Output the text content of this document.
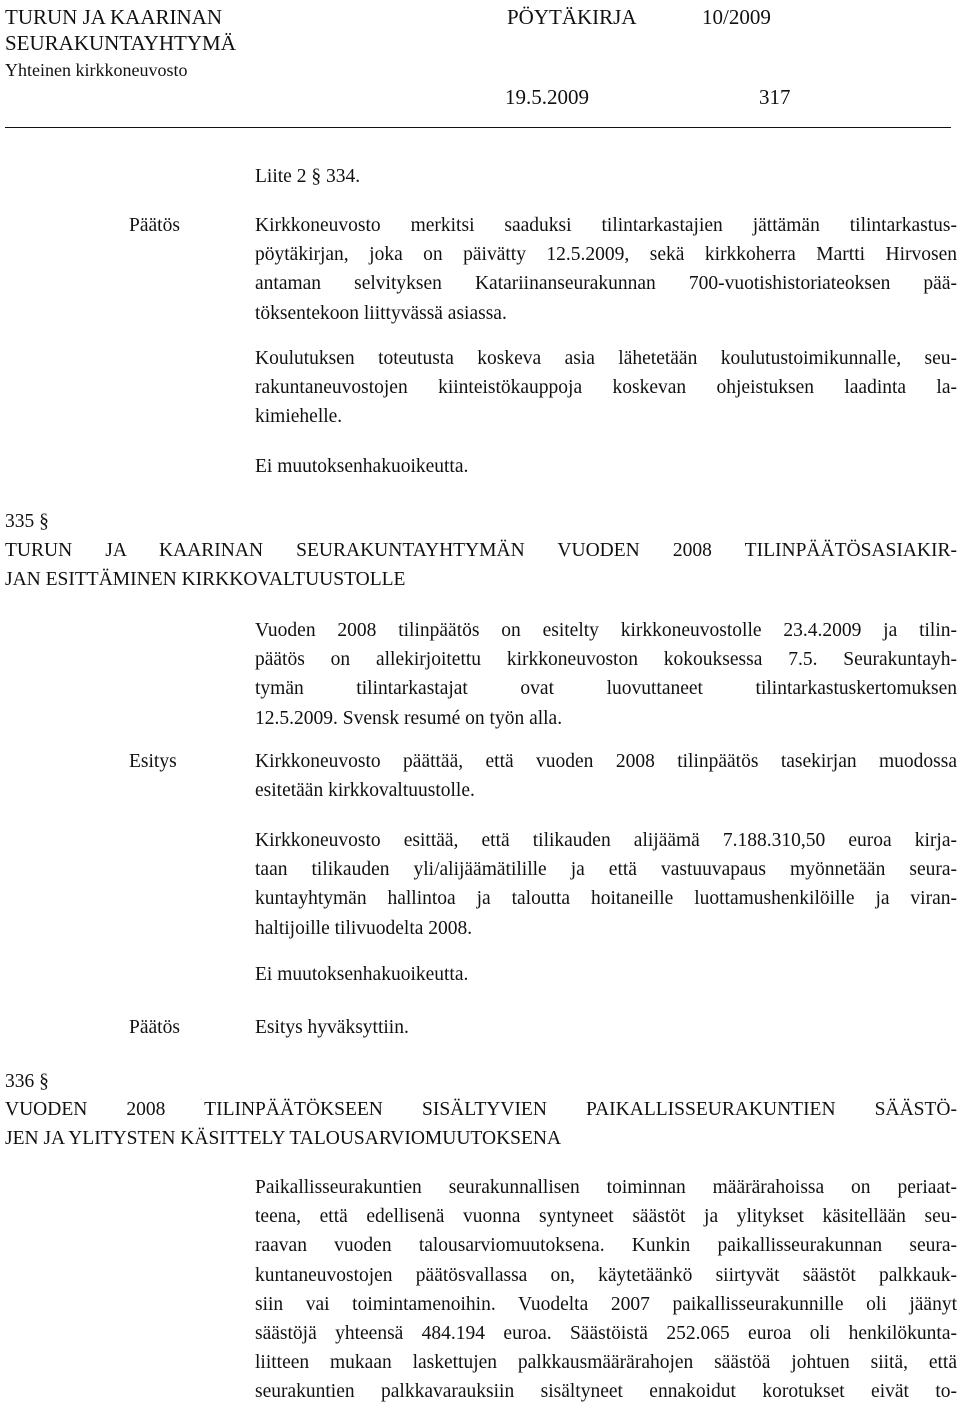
TURUN JA KAARINAN
SEURAKUNTAYHTYMÄ
Yhteinen kirkkoneuvosto
PÖYTÄKIRJA	10/2009
19.5.2009	317
Liite 2 § 334.
Päätös	Kirkkoneuvosto merkitsi saaduksi tilintarkastajien jättämän tilintarkastus-
pöytäkirjan, joka on päivätty 12.5.2009, sekä kirkkoherra Martti Hirvosen
antaman selvityksen Katariinanseurakunnan 700-vuotishistoriateoksen pää-
töksentekoon liittyvässä asiassa.
Koulutuksen toteutusta koskeva asia lähetetään koulutustoimikunnalle, seu-
rakuntaneuvostojen kiinteistökauppoja koskevan ohjeistuksen laadinta la-
kimiehelle.
Ei muutoksenhakuoikeutta.
335 §
TURUN JA KAARINAN SEURAKUNTAYHTYMÄN VUODEN 2008 TILINPÄÄTÖSASIAKIR-
JAN ESITTÄMINEN KIRKKOVALTUUSTOLLE
Vuoden 2008 tilinpäätös on esitelty kirkkoneuvostolle 23.4.2009 ja tilin-
päätös on allekirjoitettu kirkkoneuvoston kokouksessa 7.5. Seurakuntayh-
tymän tilintarkastajat ovat luovuttaneet tilintarkastuskertomuksen
12.5.2009. Svensk resumé on työn alla.
Esitys	Kirkkoneuvosto päättää, että vuoden 2008 tilinpäätös tasekirjan muodossa
esitetään kirkkovaltuustolle.
Kirkkoneuvosto esittää, että tilikauden alijäämä 7.188.310,50 euroa kirja-
taan tilikauden yli/alijäämätilille ja että vastuuvapaus myönnetään seura-
kuntayhtymän hallintoa ja taloutta hoitaneille luottamushenkilöille ja viran-
haltijoille tilivuodelta 2008.
Ei muutoksenhakuoikeutta.
Päätös	Esitys hyväksyttiin.
336 §
VUODEN 2008 TILINPÄÄTÖKSEEN SISÄLTYVIEN PAIKALLISSEURAKUNTIEN SÄÄSTÖ-
JEN JA YLITYSTEN KÄSITTELY TALOUSARVIOMUUTOKSENA
Paikallisseurakuntien seurakunnallisen toiminnan määrärahoissa on periaat-
teena, että edellisenä vuonna syntyneet säästöt ja ylitykset käsitellään seu-
raavan vuoden talousarviomuutoksena. Kunkin paikallisseurakunnan seura-
kuntaneuvostojen päätösvallassa on, käytetäänkö siirtyvät säästöt palkkauk-
siin vai toimintamenoihin. Vuodelta 2007 paikallisseurakunnille oli jäänyt
säästöjä yhteensä 484.194 euroa. Säästöistä 252.065 euroa oli henkilökunta-
liitteen mukaan laskettujen palkkausmäärärahojen säästöä johtuen siitä, että
seurakuntien palkkavarauksiin sisältyneet ennakoidut korotukset eivät to-
